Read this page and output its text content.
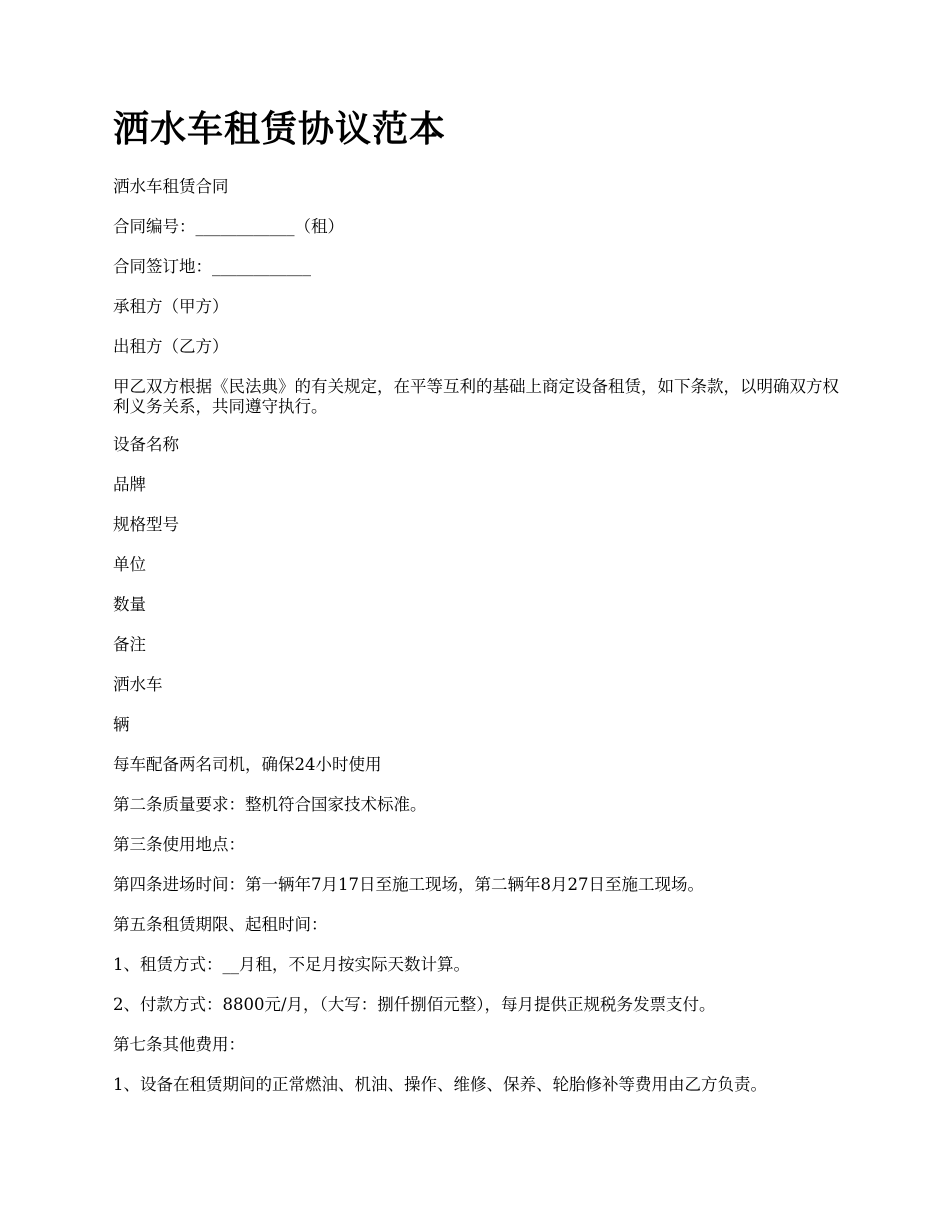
洒水车租赁协议范本

洒水车租赁合同

合同编号：____________（租）

合同签订地：____________

承租方（甲方）

出租方（乙方）

甲乙双方根据《民法典》的有关规定，在平等互利的基础上商定设备租赁，如下条款，以明确双方权利义务关系，共同遵守执行。

设备名称

品牌

规格型号

单位

数量

备注

洒水车

辆

每车配备两名司机，确保24小时使用

第二条质量要求：整机符合国家技术标准。

第三条使用地点：

第四条进场时间：第一辆年7月17日至施工现场，第二辆年8月27日至施工现场。

第五条租赁期限、起租时间：

1、租赁方式：__月租，不足月按实际天数计算。

2、付款方式：8800元/月，（大写：捌仟捌佰元整），每月提供正规税务发票支付。

第七条其他费用：

1、设备在租赁期间的正常燃油、机油、操作、维修、保养、轮胎修补等费用由乙方负责。
